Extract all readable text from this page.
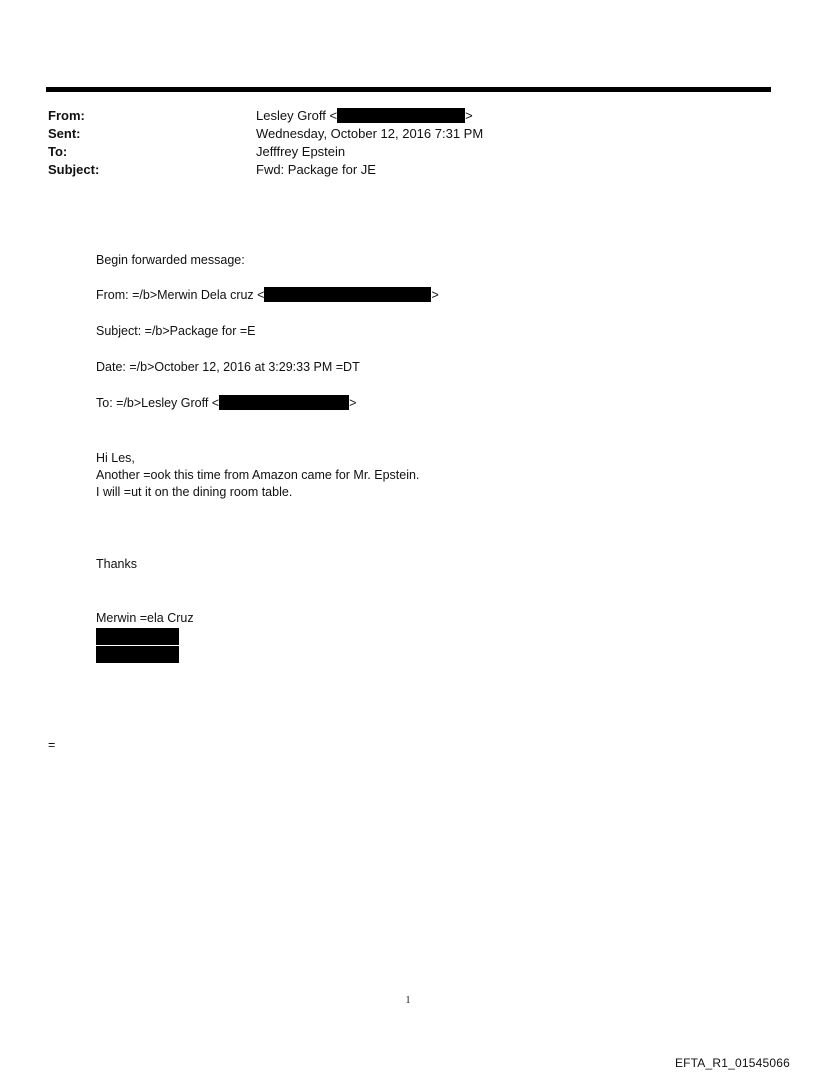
From:	Lesley Groff <	>
Sent:	Wednesday, October 12, 2016 7:31 PM
To:	Jefffrey Epstein
Subject:	Fwd: Package for JE
Begin forwarded message:
From: =/b>Merwin Dela cruz <	>
Subject: =/b>Package for =E
Date: =/b>October 12, 2016 at 3:29:33 PM =DT
To: =/b>Lesley Groff <	>
Hi Les,
Another =ook this time from Amazon came for Mr. Epstein.
I will =ut it on the dining room table.
Thanks
Merwin =ela Cruz
=
1
EFTA_R1_01545066
